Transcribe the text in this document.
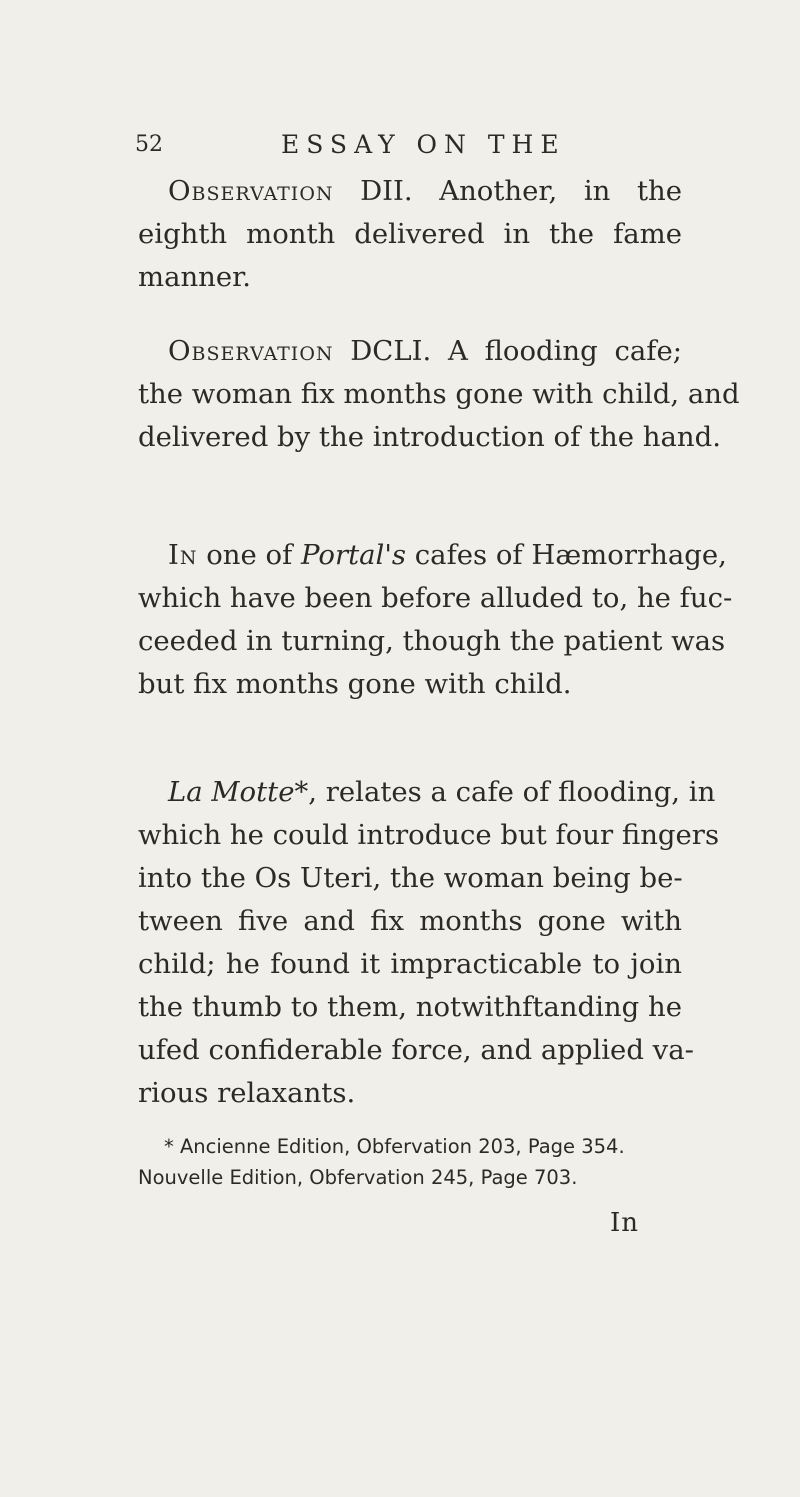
52	ESSAY ON THE
Observation DII. Another, in the
eighth month delivered in the fame
manner.
Observation DCLI. A flooding cafe;
the woman fix months gone with child, and
delivered by the introduction of the hand.
In one of Portal's cafes of Hæmorrhage,
which have been before alluded to, he fuc-
ceeded in turning, though the patient was
but fix months gone with child.
La Motte*, relates a cafe of flooding, in
which he could introduce but four fingers
into the Os Uteri, the woman being be-
tween five and fix months gone with
child; he found it impracticable to join
the thumb to them, notwithftanding he
ufed confiderable force, and applied va-
rious relaxants.
* Ancienne Edition, Obfervation 203, Page 354.
Nouvelle Edition, Obfervation 245, Page 703.
In
